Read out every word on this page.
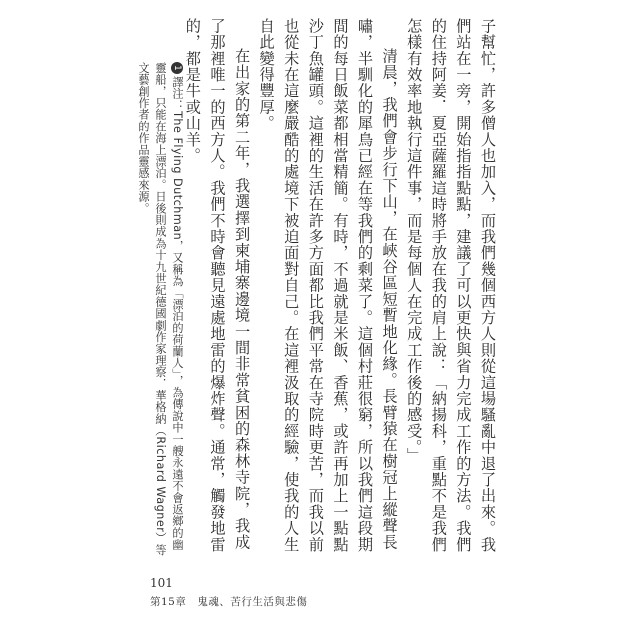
子幫忙，許多僧人也加入，而我們幾個西方人則從這場騷亂中退了出來。我們站在一旁，開始指指點點，建議了可以更快與省力完成工作的方法。我們的住持阿姜．夏亞薩羅這時將手放在我的肩上說：「納揚科，重點不是我們怎樣有效率地執行這件事，而是每個人在完成工作後的感受。」

清晨，我們會步行下山，在峽谷區短暫地化緣。長臂猿在樹冠上縱聲長嘯，半馴化的犀鳥已經在等我們的剩菜了。這個村莊很窮，所以我們這段期間的每日飯菜都相當精簡。有時，不過就是米飯、香蕉，或許再加上一點點沙丁魚罐頭。這裡的生活在許多方面都比我們平常在寺院時更苦，而我以前也從未在這麼嚴酷的處境下被迫面對自己。在這裡汲取的經驗，使我的人生自此變得豐厚。

在出家的第二年，我選擇到柬埔寨邊境一間非常貧困的森林寺院，我成了那裡唯一的西方人。我們不時會聽見遠處地雷的爆炸聲。通常，觸發地雷的，都是牛或山羊。

1譯注：The Flying Dutchman，又稱為「漂泊的荷蘭人」，為傳說中一艘永遠不會返鄉的幽靈船，只能在海上漂泊。日後則成為十九世紀德國劇作家理察．華格納（Richard Wagner）等文藝創作者的作品靈感來源。
101
第15章　鬼魂、苦行生活與悲傷
